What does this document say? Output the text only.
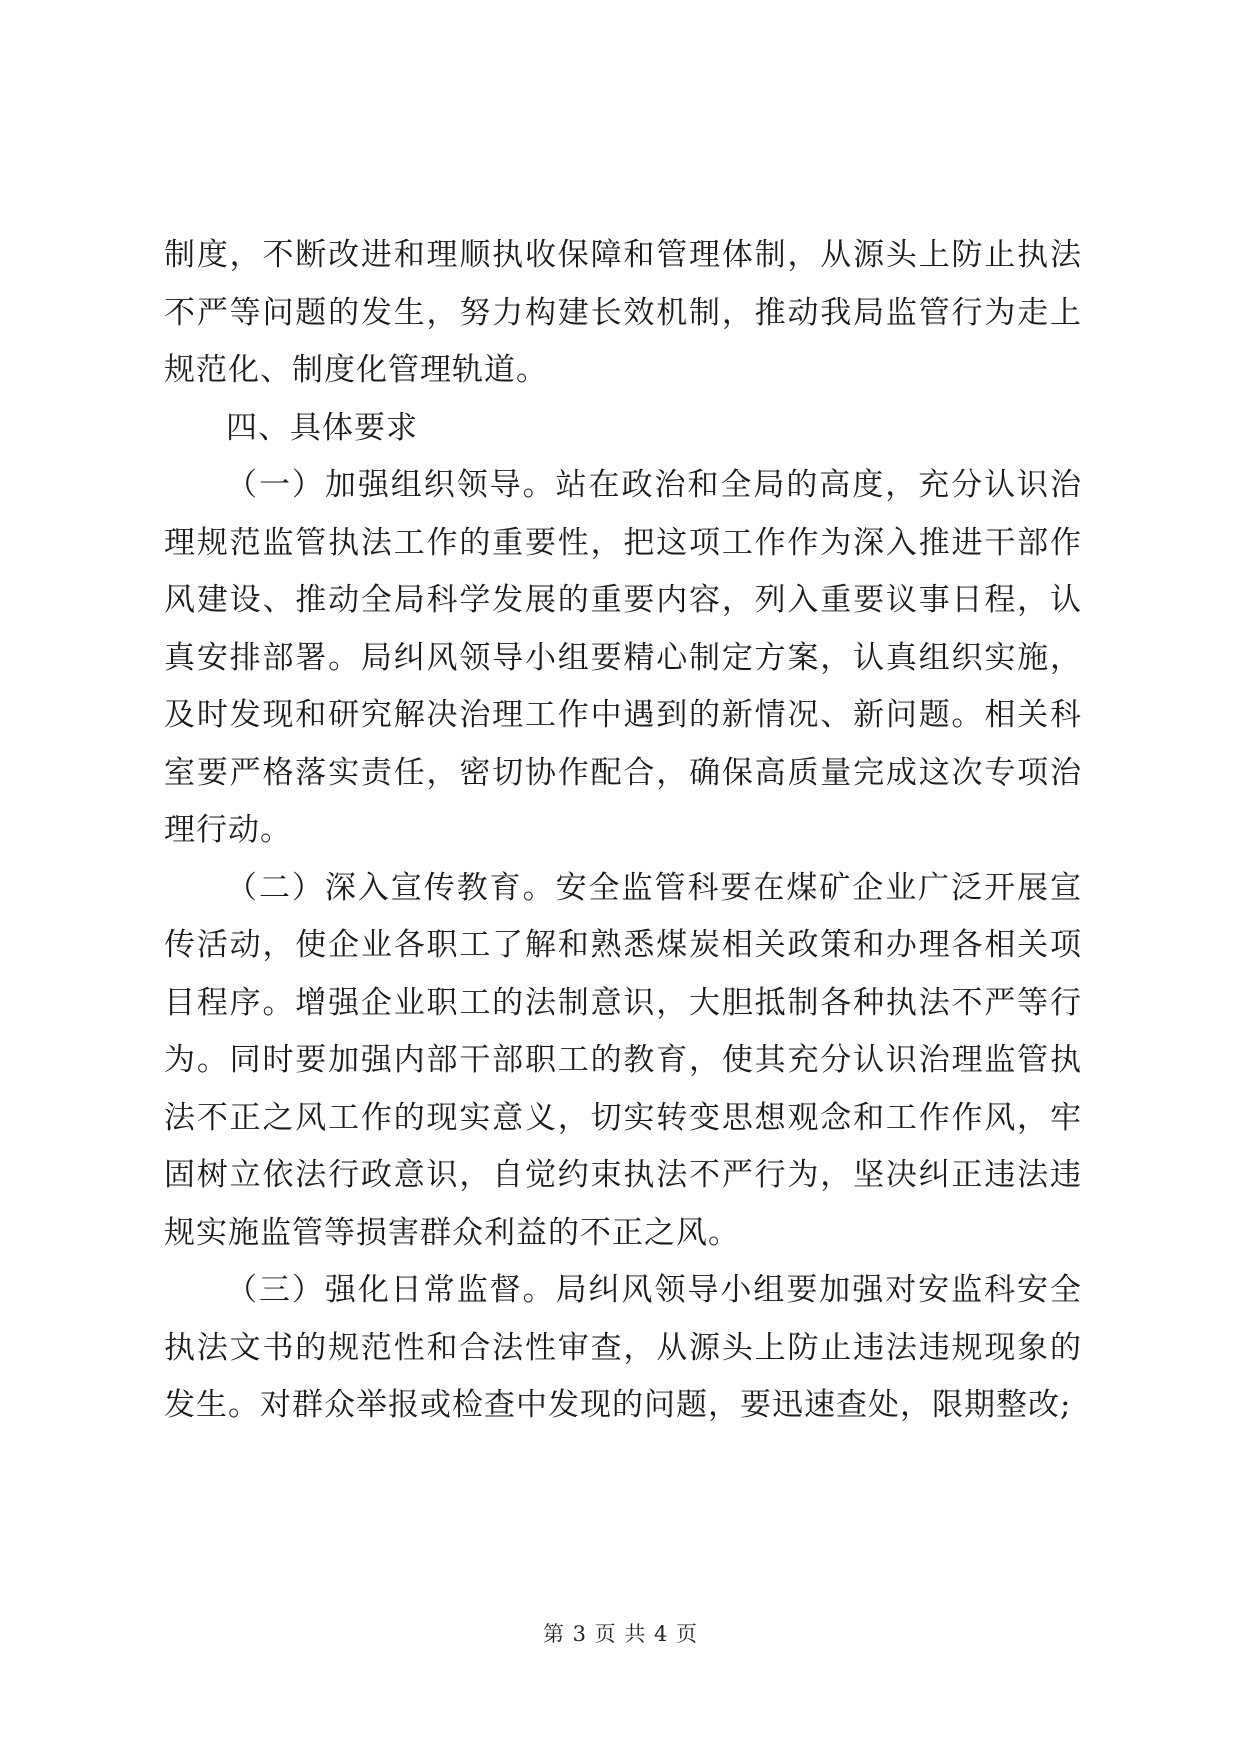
制度，不断改进和理顺执收保障和管理体制，从源头上防止执法不严等问题的发生，努力构建长效机制，推动我局监管行为走上规范化、制度化管理轨道。

四、具体要求

（一）加强组织领导。站在政治和全局的高度，充分认识治理规范监管执法工作的重要性，把这项工作作为深入推进干部作风建设、推动全局科学发展的重要内容，列入重要议事日程，认真安排部署。局纠风领导小组要精心制定方案，认真组织实施，及时发现和研究解决治理工作中遇到的新情况、新问题。相关科室要严格落实责任，密切协作配合，确保高质量完成这次专项治理行动。

（二）深入宣传教育。安全监管科要在煤矿企业广泛开展宣传活动，使企业各职工了解和熟悉煤炭相关政策和办理各相关项目程序。增强企业职工的法制意识，大胆抵制各种执法不严等行为。同时要加强内部干部职工的教育，使其充分认识治理监管执法不正之风工作的现实意义，切实转变思想观念和工作作风，牢固树立依法行政意识，自觉约束执法不严行为，坚决纠正违法违规实施监管等损害群众利益的不正之风。

（三）强化日常监督。局纠风领导小组要加强对安监科安全执法文书的规范性和合法性审查，从源头上防止违法违规现象的发生。对群众举报或检查中发现的问题，要迅速查处，限期整改;

第 3 页 共 4 页
